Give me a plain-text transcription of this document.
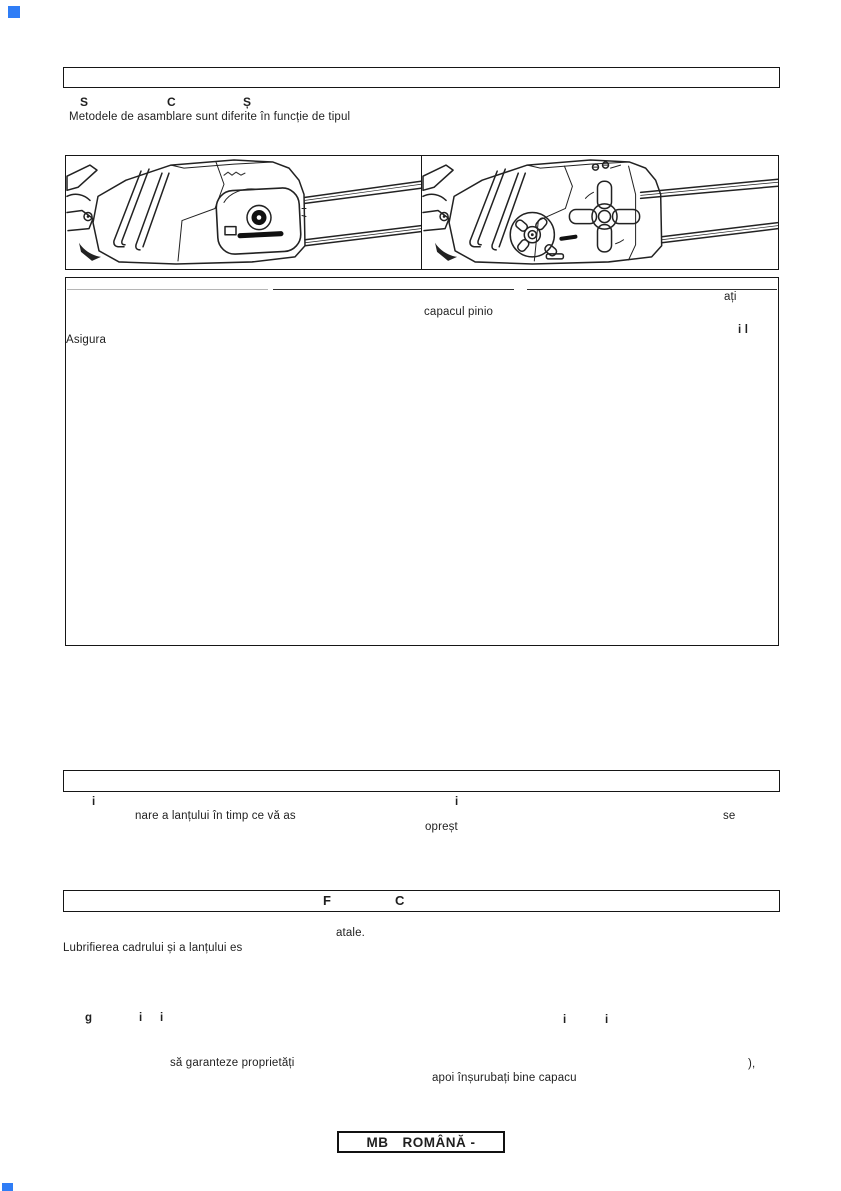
S	C	Ș
Metodele de asamblare sunt diferite în funcție de tipul
ați
capacul pinio
i l
Asigura
i	i
nare a lanțului în timp ce vă as	se
opreșt
F	C
atale.
Lubrifierea cadrului și a lanțului es
g	i i	i	i
să garanteze proprietăți	),
apoi înșurubați bine capacu
MB ROMÂNĂ -
